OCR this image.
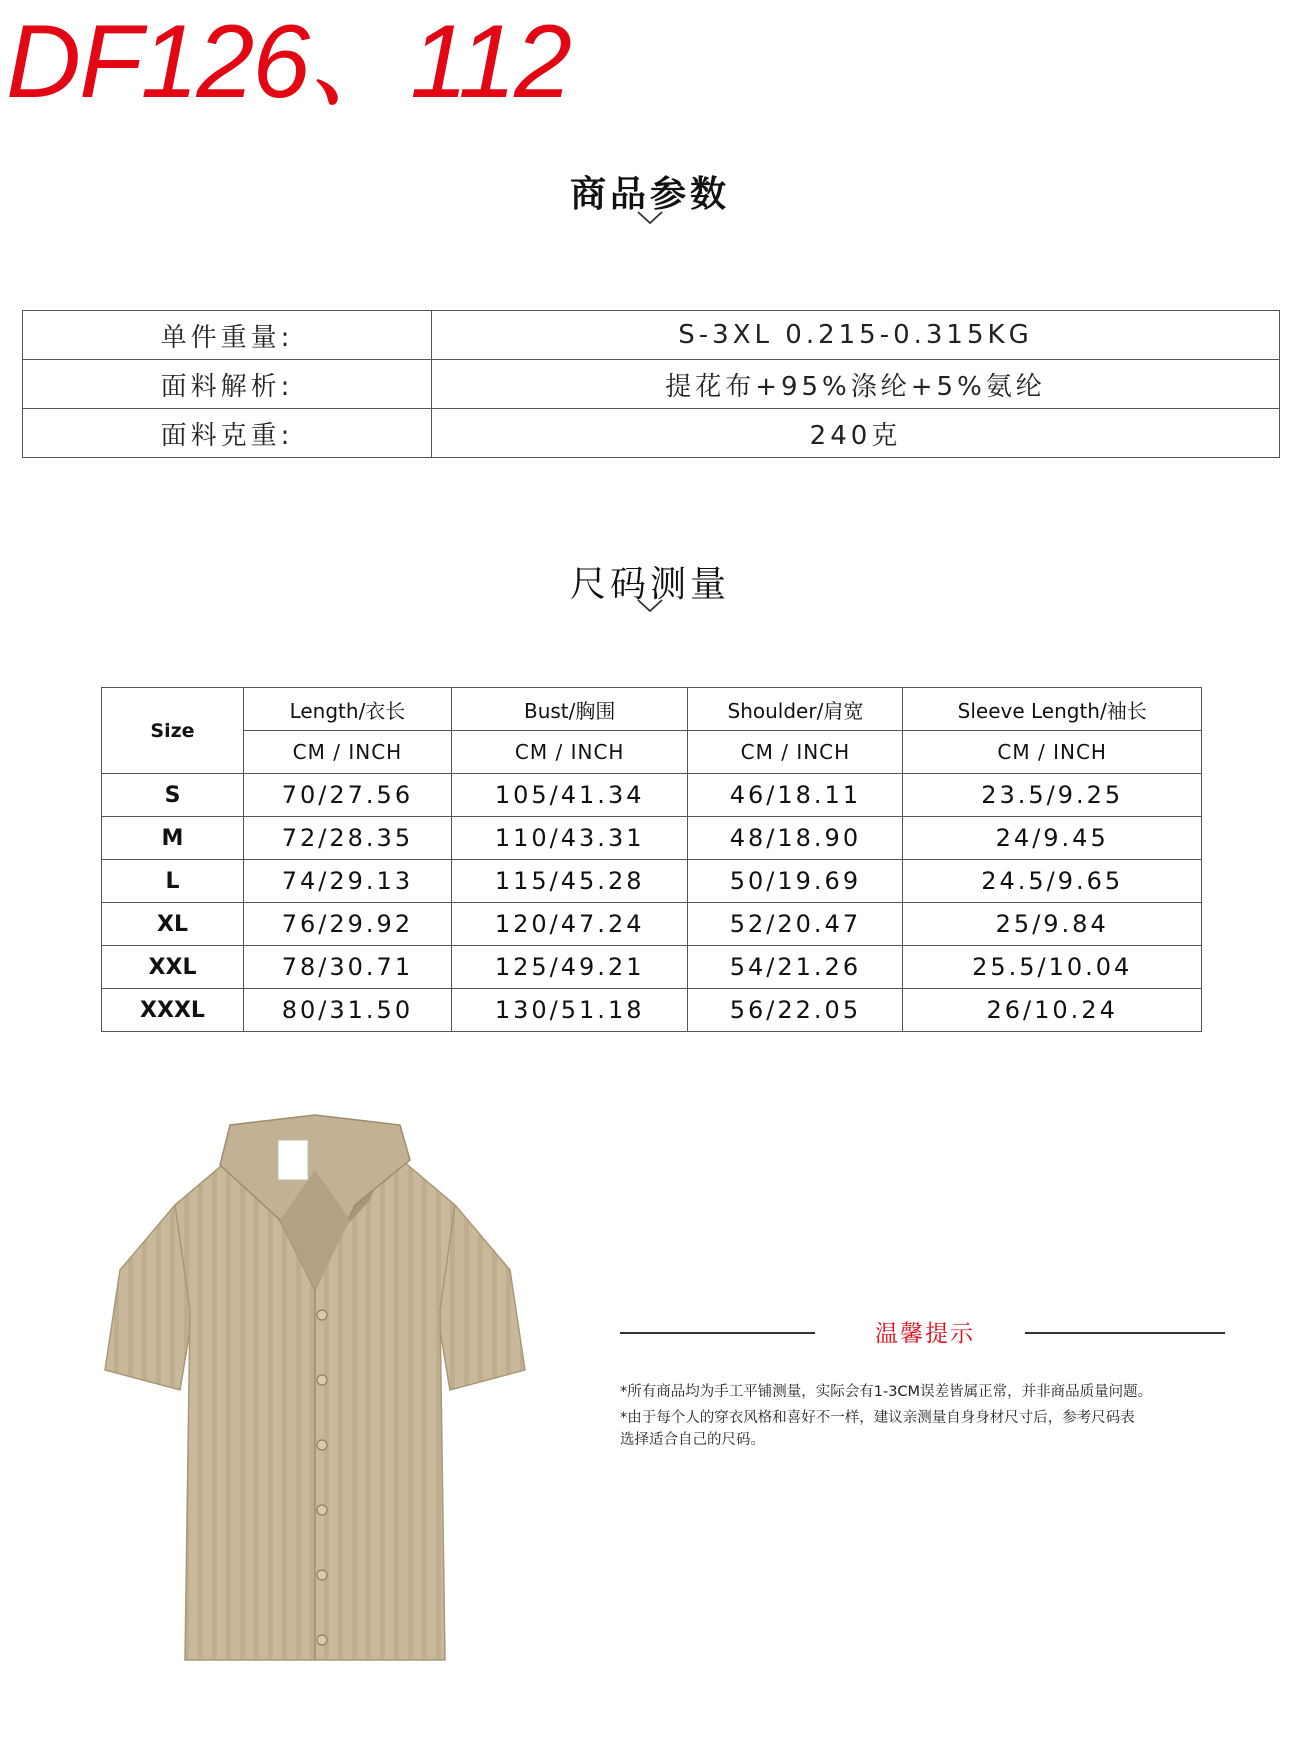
DF126、112
商品参数
单件重量:	S-3XL 0.215-0.315KG
面料解析:	提花布+95%涤纶+5%氨纶
面料克重:	240克
尺码测量
Size	Length/衣长	Bust/胸围	Shoulder/肩宽	Sleeve Length/袖长
	CM / INCH	CM / INCH	CM / INCH	CM / INCH
S	70/27.56	105/41.34	46/18.11	23.5/9.25
M	72/28.35	110/43.31	48/18.90	24/9.45
L	74/29.13	115/45.28	50/19.69	24.5/9.65
XL	76/29.92	120/47.24	52/20.47	25/9.84
XXL	78/30.71	125/49.21	54/21.26	25.5/10.04
XXXL	80/31.50	130/51.18	56/22.05	26/10.24
温馨提示
*所有商品均为手工平铺测量，实际会有1-3CM误差皆属正常，并非商品质量问题。
*由于每个人的穿衣风格和喜好不一样，建议亲测量自身身材尺寸后，参考尺码表
选择适合自己的尺码。
